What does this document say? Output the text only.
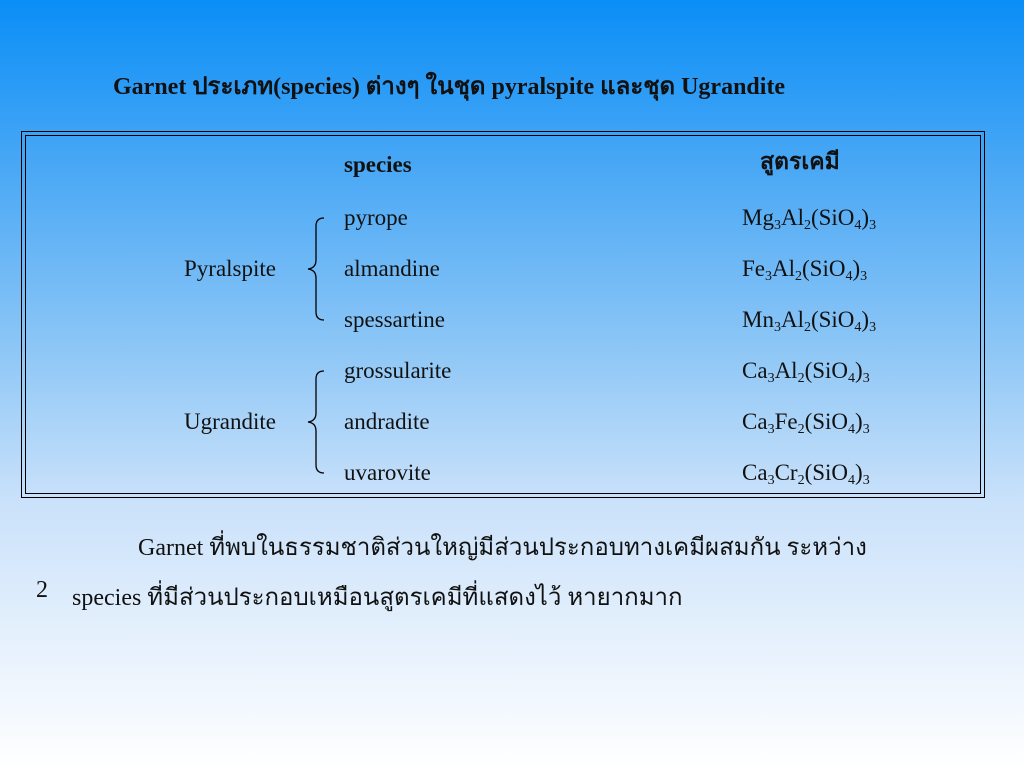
Garnet ประเภท(species) ต่างๆ ในชุด pyralspite และชุด Ugrandite
species	สูตรเคมี
Pyralspite
Ugrandite
pyrope
almandine
spessartine
grossularite
andradite
uvarovite
$Mg_3Al_2(SiO_4)_3$
$Fe_3Al_2(SiO_4)_3$
$Mn_3Al_2(SiO_4)_3$
$Ca_3Al_2(SiO_4)_3$
$Ca_3Fe_2(SiO_4)_3$
$Ca_3Cr_2(SiO_4)_3$
Garnet ที่พบในธรรมชาติส่วนใหญ่มีส่วนประกอบทางเคมีผสมกัน ระหว่าง
2 species ที่มีส่วนประกอบเหมือนสูตรเคมีที่แสดงไว้ หายากมาก
